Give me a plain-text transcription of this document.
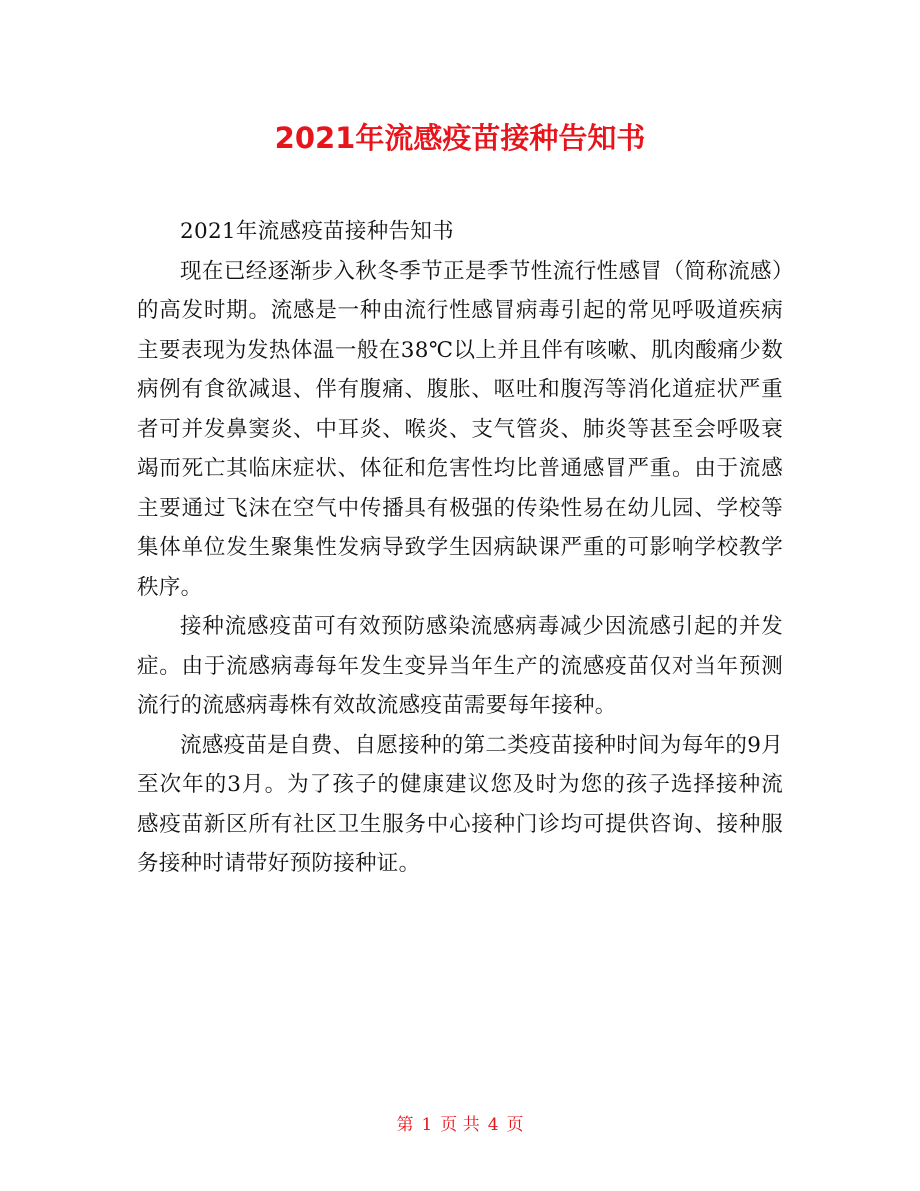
2021年流感疫苗接种告知书

2021年流感疫苗接种告知书

现在已经逐渐步入秋冬季节正是季节性流行性感冒（简称流感）的高发时期。流感是一种由流行性感冒病毒引起的常见呼吸道疾病主要表现为发热体温一般在38℃以上并且伴有咳嗽、肌肉酸痛少数病例有食欲减退、伴有腹痛、腹胀、呕吐和腹泻等消化道症状严重者可并发鼻窦炎、中耳炎、喉炎、支气管炎、肺炎等甚至会呼吸衰竭而死亡其临床症状、体征和危害性均比普通感冒严重。由于流感主要通过飞沫在空气中传播具有极强的传染性易在幼儿园、学校等集体单位发生聚集性发病导致学生因病缺课严重的可影响学校教学秩序。

接种流感疫苗可有效预防感染流感病毒减少因流感引起的并发症。由于流感病毒每年发生变异当年生产的流感疫苗仅对当年预测流行的流感病毒株有效故流感疫苗需要每年接种。

流感疫苗是自费、自愿接种的第二类疫苗接种时间为每年的9月至次年的3月。为了孩子的健康建议您及时为您的孩子选择接种流感疫苗新区所有社区卫生服务中心接种门诊均可提供咨询、接种服务接种时请带好预防接种证。

第 1 页 共 4 页
